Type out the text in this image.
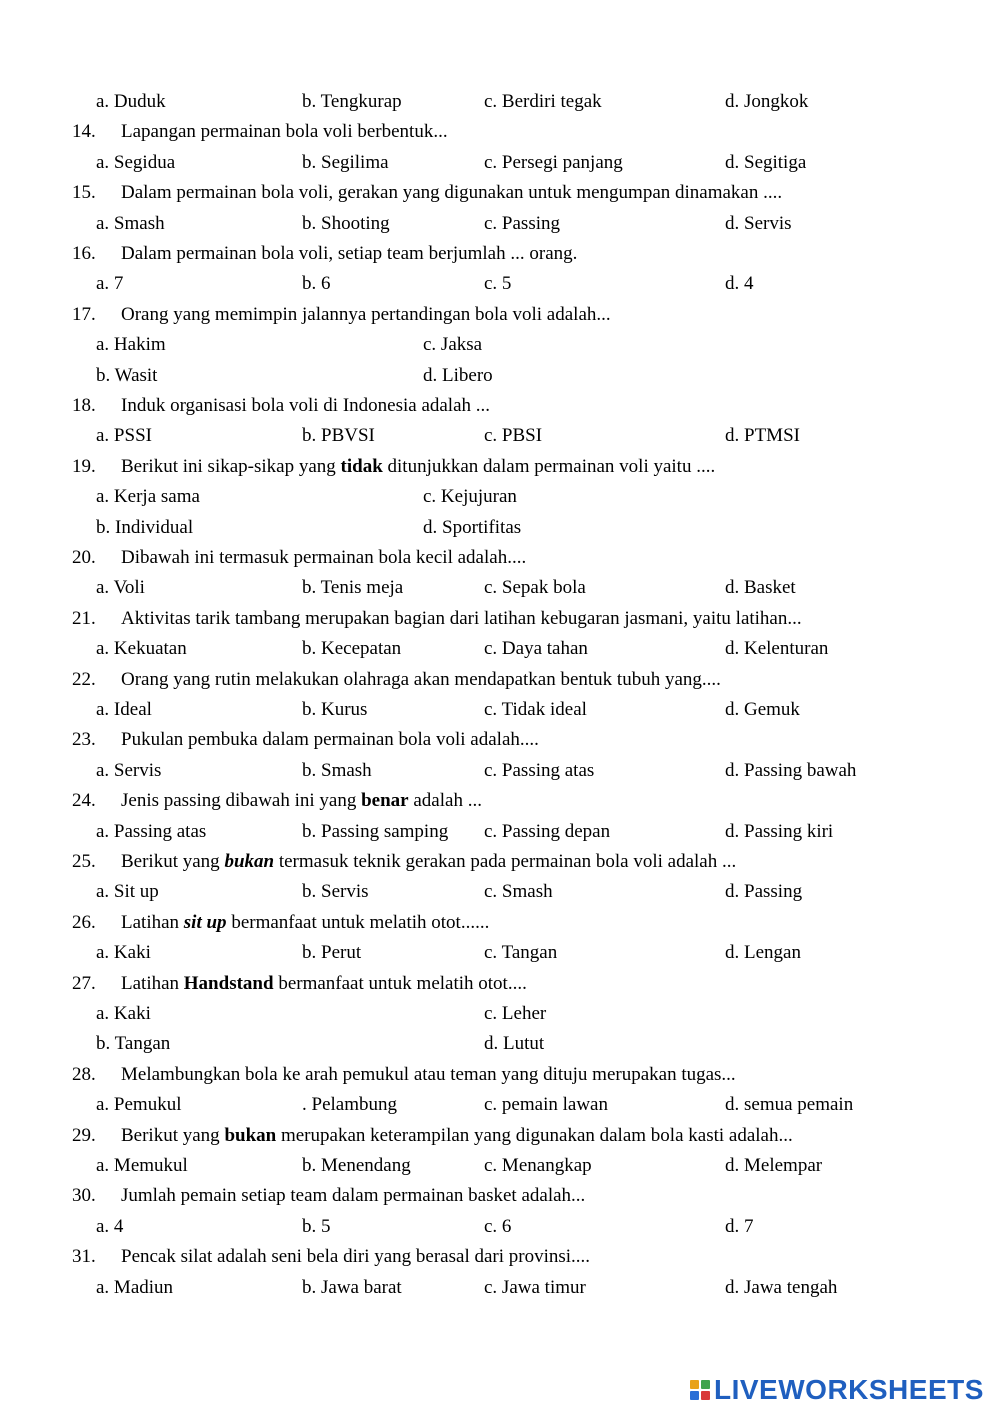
a. Duduk	b. Tengkurap	c. Berdiri tegak	d. Jongkok
14. Lapangan permainan bola voli berbentuk...
a. Segidua	b. Segilima	c. Persegi panjang	d. Segitiga
15. Dalam permainan bola voli, gerakan yang digunakan untuk mengumpan dinamakan ....
a. Smash	b. Shooting	c. Passing	d. Servis
16. Dalam permainan bola voli, setiap team berjumlah ... orang.
a. 7	b. 6	c. 5	d. 4
17. Orang yang memimpin jalannya pertandingan bola voli adalah...
a. Hakim	c. Jaksa
b. Wasit	d. Libero
18. Induk organisasi bola voli di Indonesia adalah ...
a. PSSI	b. PBVSI	c. PBSI	d. PTMSI
19. Berikut ini sikap-sikap yang tidak ditunjukkan dalam permainan voli yaitu ....
a. Kerja sama	c. Kejujuran
b. Individual	d. Sportifitas
20. Dibawah ini termasuk permainan bola kecil adalah....
a. Voli	b. Tenis meja	c. Sepak bola	d. Basket
21. Aktivitas tarik tambang merupakan bagian dari latihan kebugaran jasmani, yaitu latihan...
a. Kekuatan	b. Kecepatan	c. Daya tahan	d. Kelenturan
22. Orang yang rutin melakukan olahraga akan mendapatkan bentuk tubuh yang....
a. Ideal	b. Kurus	c. Tidak ideal	d. Gemuk
23. Pukulan pembuka dalam permainan bola voli adalah....
a. Servis	b. Smash	c. Passing atas	d. Passing bawah
24. Jenis passing dibawah ini yang benar adalah ...
a. Passing atas	b. Passing samping c. Passing depan	d. Passing kiri
25. Berikut yang bukan termasuk teknik gerakan pada permainan bola voli adalah ...
a. Sit up	b. Servis	c. Smash	d. Passing
26. Latihan sit up bermanfaat untuk melatih otot......
a. Kaki	b. Perut	c. Tangan	d. Lengan
27. Latihan Handstand bermanfaat untuk melatih otot....
a. Kaki	c. Leher
b. Tangan	d. Lutut
28. Melambungkan bola ke arah pemukul atau teman yang dituju merupakan tugas...
a. Pemukul	. Pelambung	c. pemain lawan	d. semua pemain
29. Berikut yang bukan merupakan keterampilan yang digunakan dalam bola kasti adalah...
a. Memukul	b. Menendang	c. Menangkap	d. Melempar
30. Jumlah pemain setiap team dalam permainan basket adalah...
a. 4	b. 5	c. 6	d. 7
31. Pencak silat adalah seni bela diri yang berasal dari provinsi....
a. Madiun	b. Jawa barat	c. Jawa timur	d. Jawa tengah
LIVEWORKSHEETS
